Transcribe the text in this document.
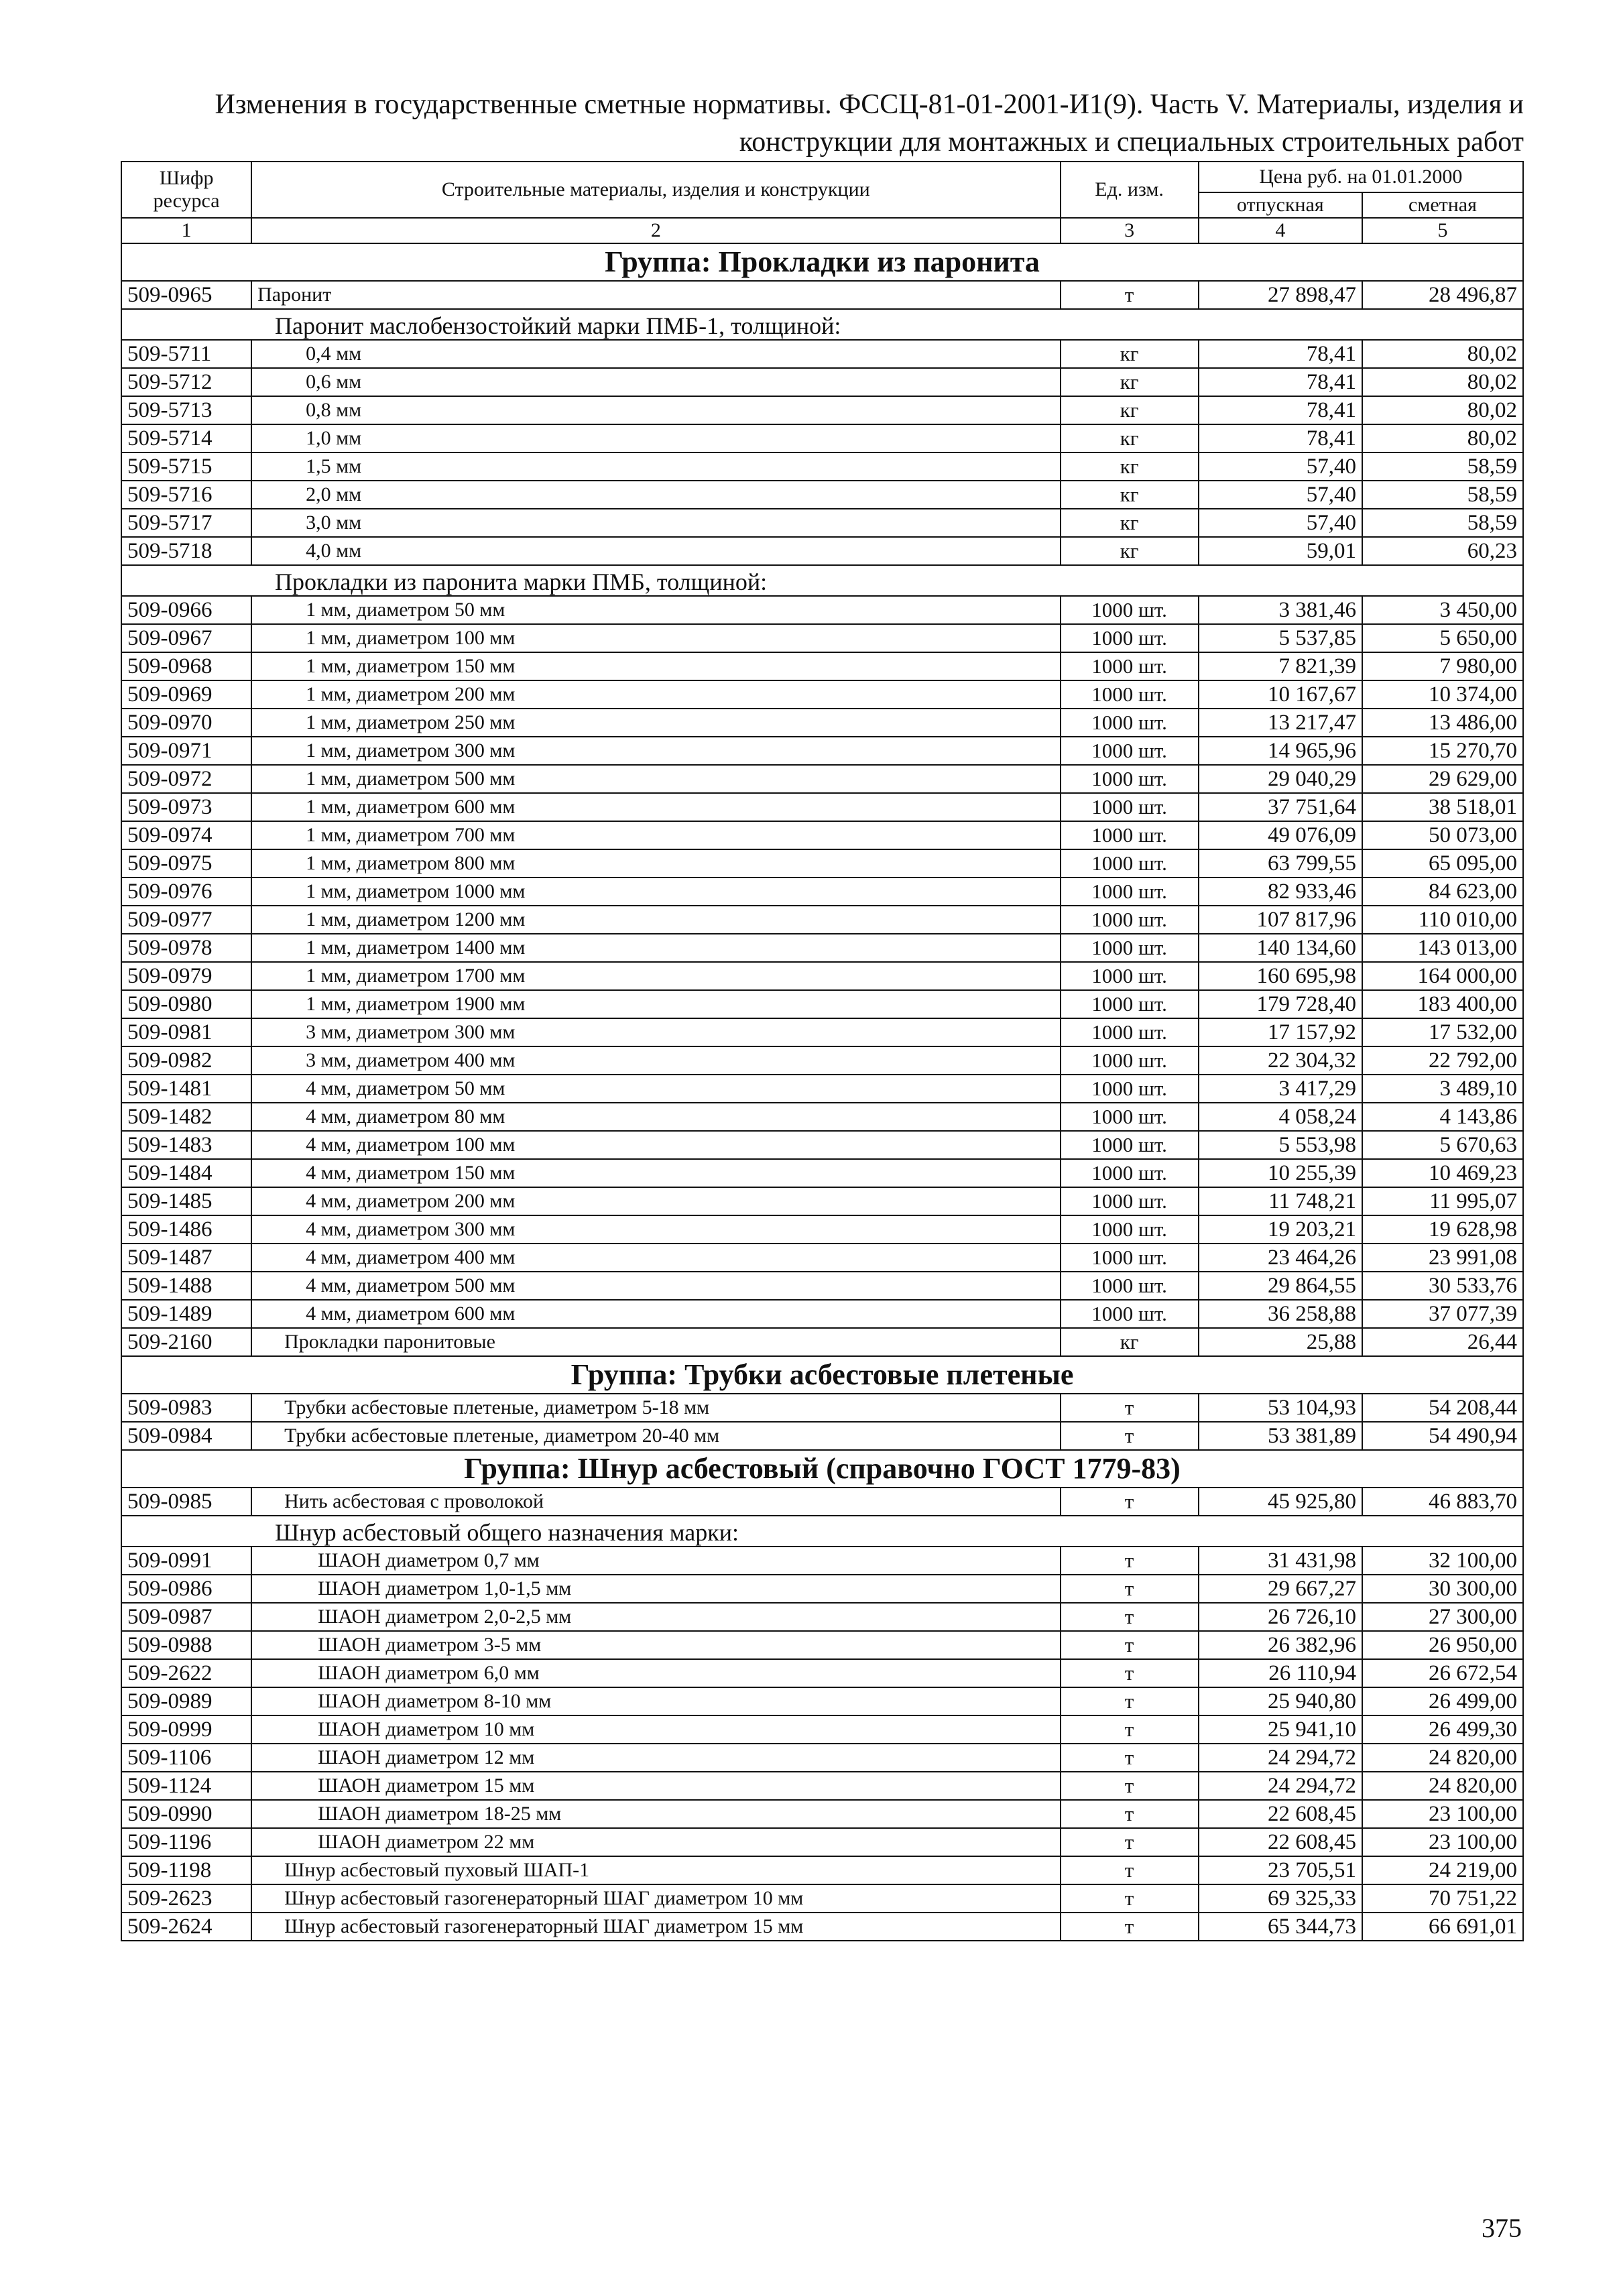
Изменения в государственные сметные нормативы. ФССЦ-81-01-2001-И1(9). Часть V. Материалы, изделия и
конструкции для монтажных и специальных строительных работ
Шифр ресурса	Строительные материалы, изделия и конструкции	Ед. изм.	Цена руб. на 01.01.2000	
			отпускная	сметная
1	2	3	4	5
Группа: Прокладки из паронита				
509-0965	Паронит	т	27 898,47	28 496,87
Паронит маслобензостойкий марки ПМБ-1, толщиной:				
509-5711	0,4 мм	кг	78,41	80,02
509-5712	0,6 мм	кг	78,41	80,02
509-5713	0,8 мм	кг	78,41	80,02
509-5714	1,0 мм	кг	78,41	80,02
509-5715	1,5 мм	кг	57,40	58,59
509-5716	2,0 мм	кг	57,40	58,59
509-5717	3,0 мм	кг	57,40	58,59
509-5718	4,0 мм	кг	59,01	60,23
Прокладки из паронита марки ПМБ, толщиной:				
509-0966	1 мм, диаметром 50 мм	1000 шт.	3 381,46	3 450,00
509-0967	1 мм, диаметром 100 мм	1000 шт.	5 537,85	5 650,00
509-0968	1 мм, диаметром 150 мм	1000 шт.	7 821,39	7 980,00
509-0969	1 мм, диаметром 200 мм	1000 шт.	10 167,67	10 374,00
509-0970	1 мм, диаметром 250 мм	1000 шт.	13 217,47	13 486,00
509-0971	1 мм, диаметром 300 мм	1000 шт.	14 965,96	15 270,70
509-0972	1 мм, диаметром 500 мм	1000 шт.	29 040,29	29 629,00
509-0973	1 мм, диаметром 600 мм	1000 шт.	37 751,64	38 518,01
509-0974	1 мм, диаметром 700 мм	1000 шт.	49 076,09	50 073,00
509-0975	1 мм, диаметром 800 мм	1000 шт.	63 799,55	65 095,00
509-0976	1 мм, диаметром 1000 мм	1000 шт.	82 933,46	84 623,00
509-0977	1 мм, диаметром 1200 мм	1000 шт.	107 817,96	110 010,00
509-0978	1 мм, диаметром 1400 мм	1000 шт.	140 134,60	143 013,00
509-0979	1 мм, диаметром 1700 мм	1000 шт.	160 695,98	164 000,00
509-0980	1 мм, диаметром 1900 мм	1000 шт.	179 728,40	183 400,00
509-0981	3 мм, диаметром 300 мм	1000 шт.	17 157,92	17 532,00
509-0982	3 мм, диаметром 400 мм	1000 шт.	22 304,32	22 792,00
509-1481	4 мм, диаметром 50 мм	1000 шт.	3 417,29	3 489,10
509-1482	4 мм, диаметром 80 мм	1000 шт.	4 058,24	4 143,86
509-1483	4 мм, диаметром 100 мм	1000 шт.	5 553,98	5 670,63
509-1484	4 мм, диаметром 150 мм	1000 шт.	10 255,39	10 469,23
509-1485	4 мм, диаметром 200 мм	1000 шт.	11 748,21	11 995,07
509-1486	4 мм, диаметром 300 мм	1000 шт.	19 203,21	19 628,98
509-1487	4 мм, диаметром 400 мм	1000 шт.	23 464,26	23 991,08
509-1488	4 мм, диаметром 500 мм	1000 шт.	29 864,55	30 533,76
509-1489	4 мм, диаметром 600 мм	1000 шт.	36 258,88	37 077,39
509-2160	Прокладки паронитовые	кг	25,88	26,44
Группа: Трубки асбестовые плетеные				
509-0983	Трубки асбестовые плетеные, диаметром 5-18 мм	т	53 104,93	54 208,44
509-0984	Трубки асбестовые плетеные, диаметром 20-40 мм	т	53 381,89	54 490,94
Группа: Шнур асбестовый (справочно ГОСТ 1779-83)				
509-0985	Нить асбестовая с проволокой	т	45 925,80	46 883,70
Шнур асбестовый общего назначения марки:				
509-0991	ШАОН диаметром 0,7 мм	т	31 431,98	32 100,00
509-0986	ШАОН диаметром 1,0-1,5 мм	т	29 667,27	30 300,00
509-0987	ШАОН диаметром 2,0-2,5 мм	т	26 726,10	27 300,00
509-0988	ШАОН диаметром 3-5 мм	т	26 382,96	26 950,00
509-2622	ШАОН диаметром 6,0 мм	т	26 110,94	26 672,54
509-0989	ШАОН диаметром 8-10 мм	т	25 940,80	26 499,00
509-0999	ШАОН диаметром 10 мм	т	25 941,10	26 499,30
509-1106	ШАОН диаметром 12 мм	т	24 294,72	24 820,00
509-1124	ШАОН диаметром 15 мм	т	24 294,72	24 820,00
509-0990	ШАОН диаметром 18-25 мм	т	22 608,45	23 100,00
509-1196	ШАОН диаметром 22 мм	т	22 608,45	23 100,00
509-1198	Шнур асбестовый пуховый ШАП-1	т	23 705,51	24 219,00
509-2623	Шнур асбестовый газогенераторный ШАГ диаметром 10 мм	т	69 325,33	70 751,22
509-2624	Шнур асбестовый газогенераторный ШАГ диаметром 15 мм	т	65 344,73	66 691,01
375
